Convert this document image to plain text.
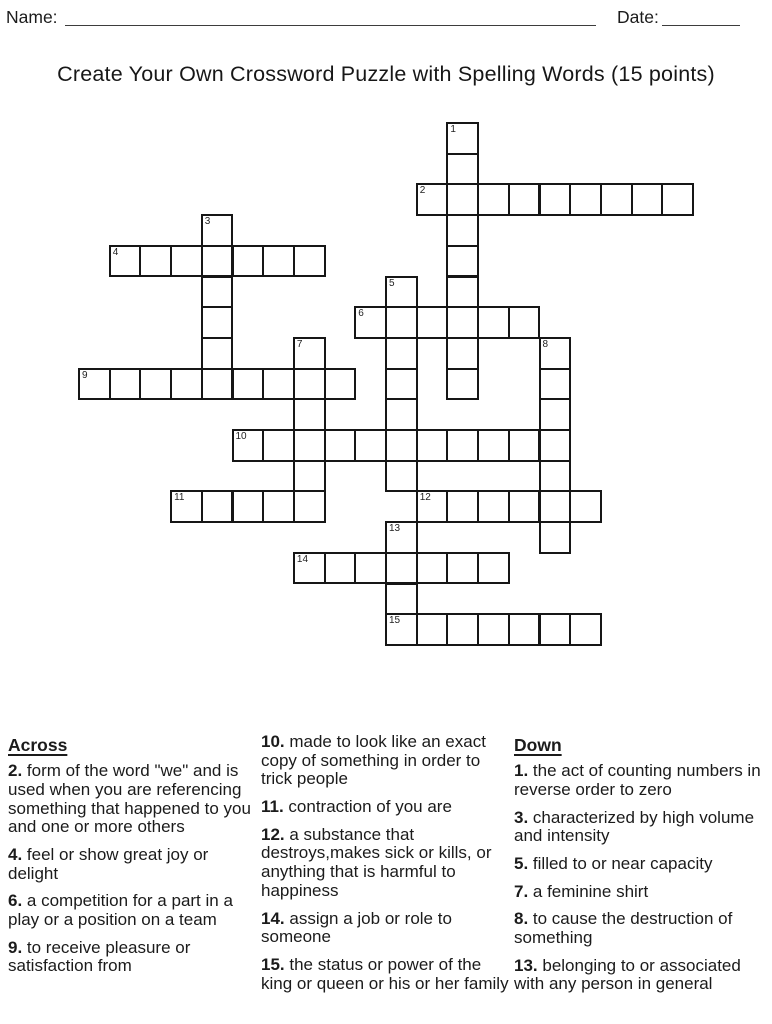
Name:	Date:
Create Your Own Crossword Puzzle with Spelling Words (15 points)
1
2
3
4
5
6
7	8
9
10
11	12
13
15
14
Across

2. form of the word "we" and is used when you are referencing something that happened to you and one or more others

4. feel or show great joy or delight

6. a competition for a part in a play or a position on a team

9. to receive pleasure or satisfaction from

10. made to look like an exact copy of something in order to trick people

11. contraction of you are

12. a substance that destroys,makes sick or kills, or anything that is harmful to happiness

14. assign a job or role to someone

15. the status or power of the king or queen or his or her family

Down

1. the act of counting numbers in reverse order to zero

3. characterized by high volume and intensity

5. filled to or near capacity

7. a feminine shirt

8. to cause the destruction of something

13. belonging to or associated with any person in general
